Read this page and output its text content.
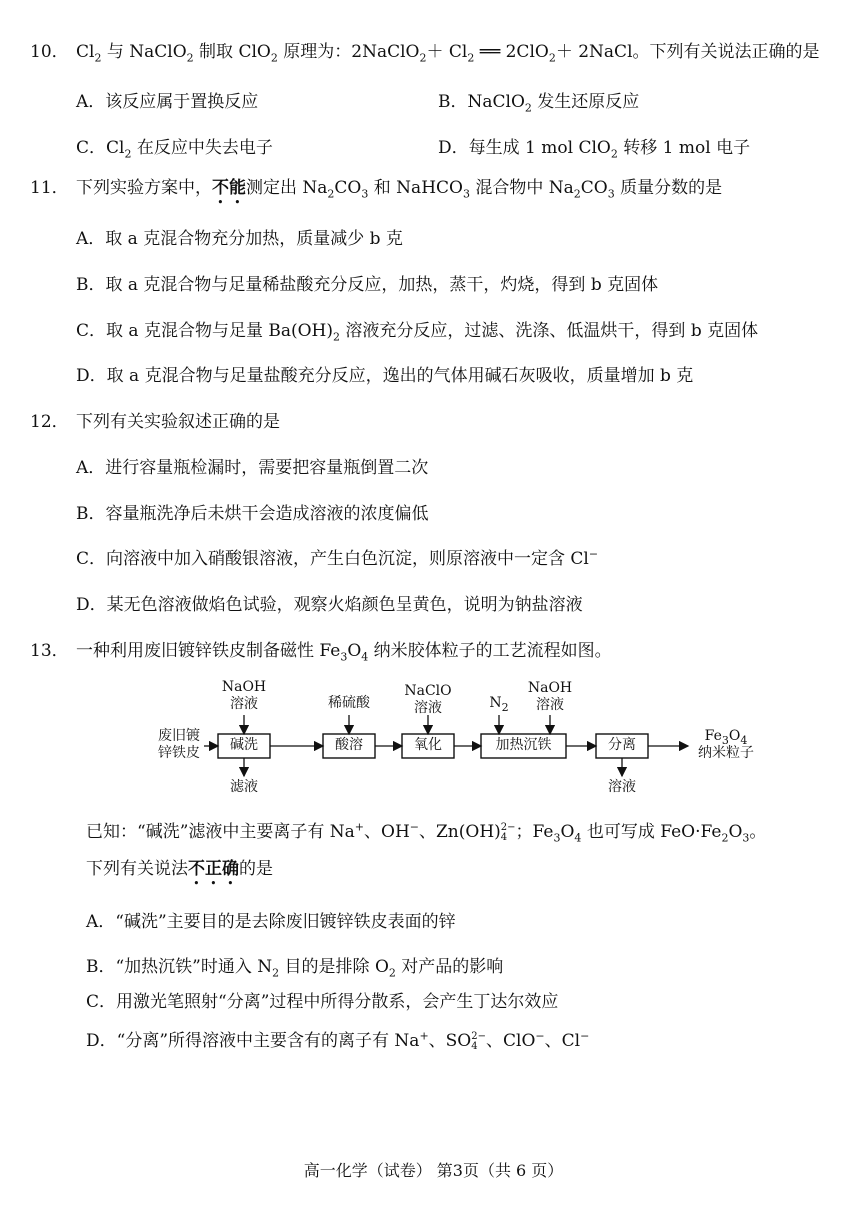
10． $Cl_2$ 与 NaClO$_2$ 制取 ClO$_2$ 原理为：2NaClO$_2$＋ $Cl_2$ ══ 2ClO$_2$＋ 2NaCl。下列有关说法正确的是
A．该反应属于置换反应	B．NaClO$_2$ 发生还原反应
C．$Cl_2$ 在反应中失去电子	D．每生成 1 mol ClO$_2$ 转移 1 mol 电子
11． 下列实验方案中，不能测定出 $Na_2CO_3$ 和 NaHCO$_3$ 混合物中 $Na_2CO_3$ 质量分数的是
A．取 a 克混合物充分加热，质量减少 b 克
B．取 a 克混合物与足量稀盐酸充分反应，加热，蒸干，灼烧，得到 b 克固体
C．取 a 克混合物与足量 $Ba(OH)_2$ 溶液充分反应，过滤、洗涤、低温烘干，得到 b 克固体
D．取 a 克混合物与足量盐酸充分反应，逸出的气体用碱石灰吸收，质量增加 b 克
12． 下列有关实验叙述正确的是
A．进行容量瓶检漏时，需要把容量瓶倒置二次
B．容量瓶洗净后未烘干会造成溶液的浓度偏低
C．向溶液中加入硝酸银溶液，产生白色沉淀，则原溶液中一定含 Cl−
D．某无色溶液做焰色试验，观察火焰颜色呈黄色，说明为钠盐溶液
13． 一种利用废旧镀锌铁皮制备磁性 $Fe_3O_4$ 纳米胶体粒子的工艺流程如图。
废旧镀
锌铁皮	碱洗	酸溶	氧化	加热沉铁	分离
NaOH
溶液	稀硫酸
NaClO
溶液	$N_2$
NaOH
溶液
滤液	溶液
$Fe_3O_4$
纳米粒子
已知：“碱洗”滤液中主要离子有 Na+、OH−、Zn(OH) 2−
4 ；$Fe_3O_4$ 也可写成 $FeO\cdot Fe_2O_3$。
下列有关说法不正确的是
A．“碱洗”主要目的是去除废旧镀锌铁皮表面的锌
B．“加热沉铁”时通入 $N_2$ 目的是排除 $O_2$ 对产品的影响
C．用激光笔照射“分离”过程中所得分散系，会产生丁达尔效应
D．“分离”所得溶液中主要含有的离子有 Na+、SO 2−
4 、ClO−、Cl−
高一化学（试卷） 第3页（共 6 页）
